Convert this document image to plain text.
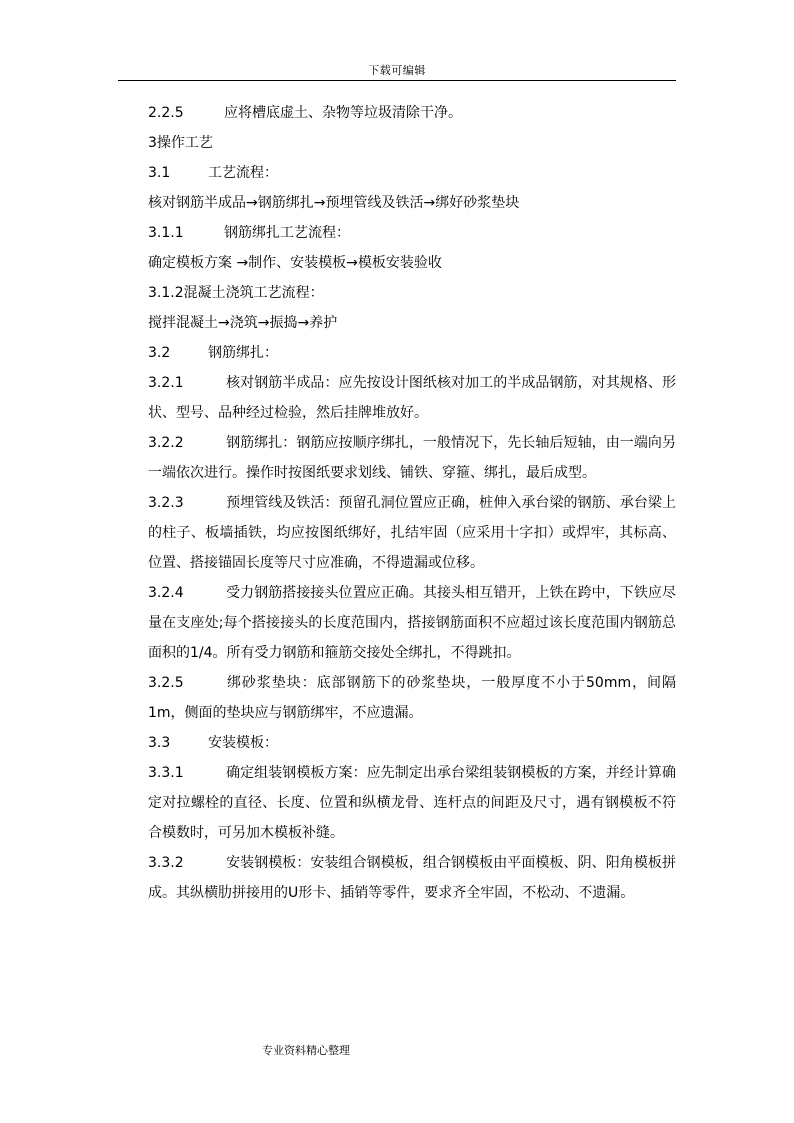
下载可编辑
2.2.5	应将槽底虚土、杂物等垃圾清除干净。
3操作工艺
3.1	工艺流程：
核对钢筋半成品→钢筋绑扎→预埋管线及铁活→绑好砂浆垫块
3.1.1	钢筋绑扎工艺流程：
确定模板方案 →制作、安装模板→模板安装验收
3.1.2混凝土浇筑工艺流程：
搅拌混凝土→浇筑→振捣→养护
3.2	钢筋绑扎：
3.2.1	核对钢筋半成品：应先按设计图纸核对加工的半成品钢筋，对其规格、形状、型号、品种经过检验，然后挂牌堆放好。
3.2.2	钢筋绑扎：钢筋应按顺序绑扎，一般情况下，先长轴后短轴，由一端向另一端依次进行。操作时按图纸要求划线、铺铁、穿箍、绑扎，最后成型。
3.2.3	预埋管线及铁活：预留孔洞位置应正确，桩伸入承台梁的钢筋、承台梁上的柱子、板墙插铁，均应按图纸绑好，扎结牢固（应采用十字扣）或焊牢，其标高、位置、搭接锚固长度等尺寸应准确，不得遗漏或位移。
3.2.4	受力钢筋搭接接头位置应正确。其接头相互错开，上铁在跨中，下铁应尽量在支座处;每个搭接接头的长度范围内，搭接钢筋面积不应超过该长度范围内钢筋总面积的1/4。所有受力钢筋和箍筋交接处全绑扎，不得跳扣。
3.2.5	绑砂浆垫块：底部钢筋下的砂浆垫块，一般厚度不小于50mm，间隔1m，侧面的垫块应与钢筋绑牢，不应遗漏。
3.3	安装模板：
3.3.1	确定组装钢模板方案：应先制定出承台梁组装钢模板的方案，并经计算确定对拉螺栓的直径、长度、位置和纵横龙骨、连杆点的间距及尺寸，遇有钢模板不符合模数时，可另加木模板补缝。
3.3.2	安装钢模板：安装组合钢模板，组合钢模板由平面模板、阴、阳角模板拼成。其纵横肋拼接用的U形卡、插销等零件，要求齐全牢固，不松动、不遗漏。
专业资料精心整理
